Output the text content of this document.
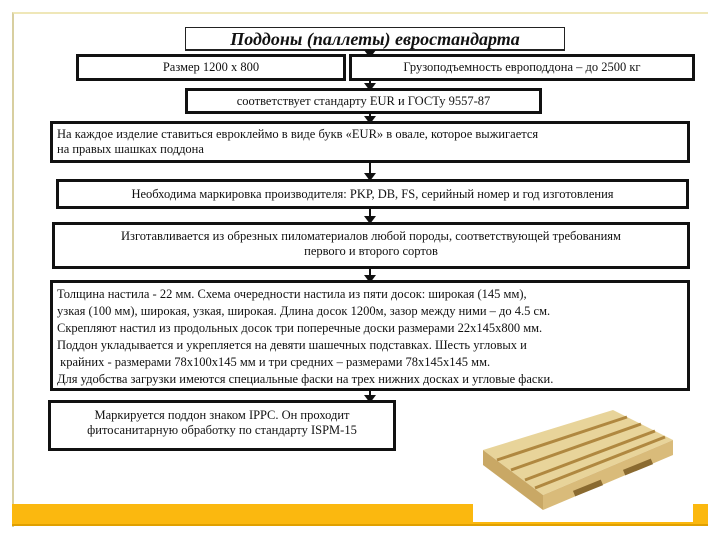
Поддоны (паллеты) евростандарта
Размер 1200 х 800	Грузоподъемность европоддона – до 2500 кг
соответствует стандарту EUR и ГОСТу 9557-87
На каждое изделие ставиться евроклеймо в виде букв «EUR» в овале, которое выжигается
на правых шашках поддона
Необходима маркировка производителя: PKP, DB, FS, серийный номер и год изготовления
Изготавливается из обрезных пиломатериалов любой породы, соответствующей требованиям
первого и второго сортов
Толщина настила - 22 мм. Схема очередности настила из пяти досок: широкая (145 мм),
узкая (100 мм), широкая, узкая, широкая. Длина досок 1200м, зазор между ними – до 4.5 см.
Скрепляют настил из продольных досок три поперечные доски размерами 22х145х800 мм.
Поддон укладывается и укрепляется на девяти шашечных подставках. Шесть угловых и
крайних - размерами 78х100х145 мм и три средних – размерами 78х145х145 мм.
Для удобства загрузки имеются специальные фаски на трех нижних досках и угловые фаски.
Маркируется поддон знаком IPPC. Он проходит
фитосанитарную обработку по стандарту ISPM-15
